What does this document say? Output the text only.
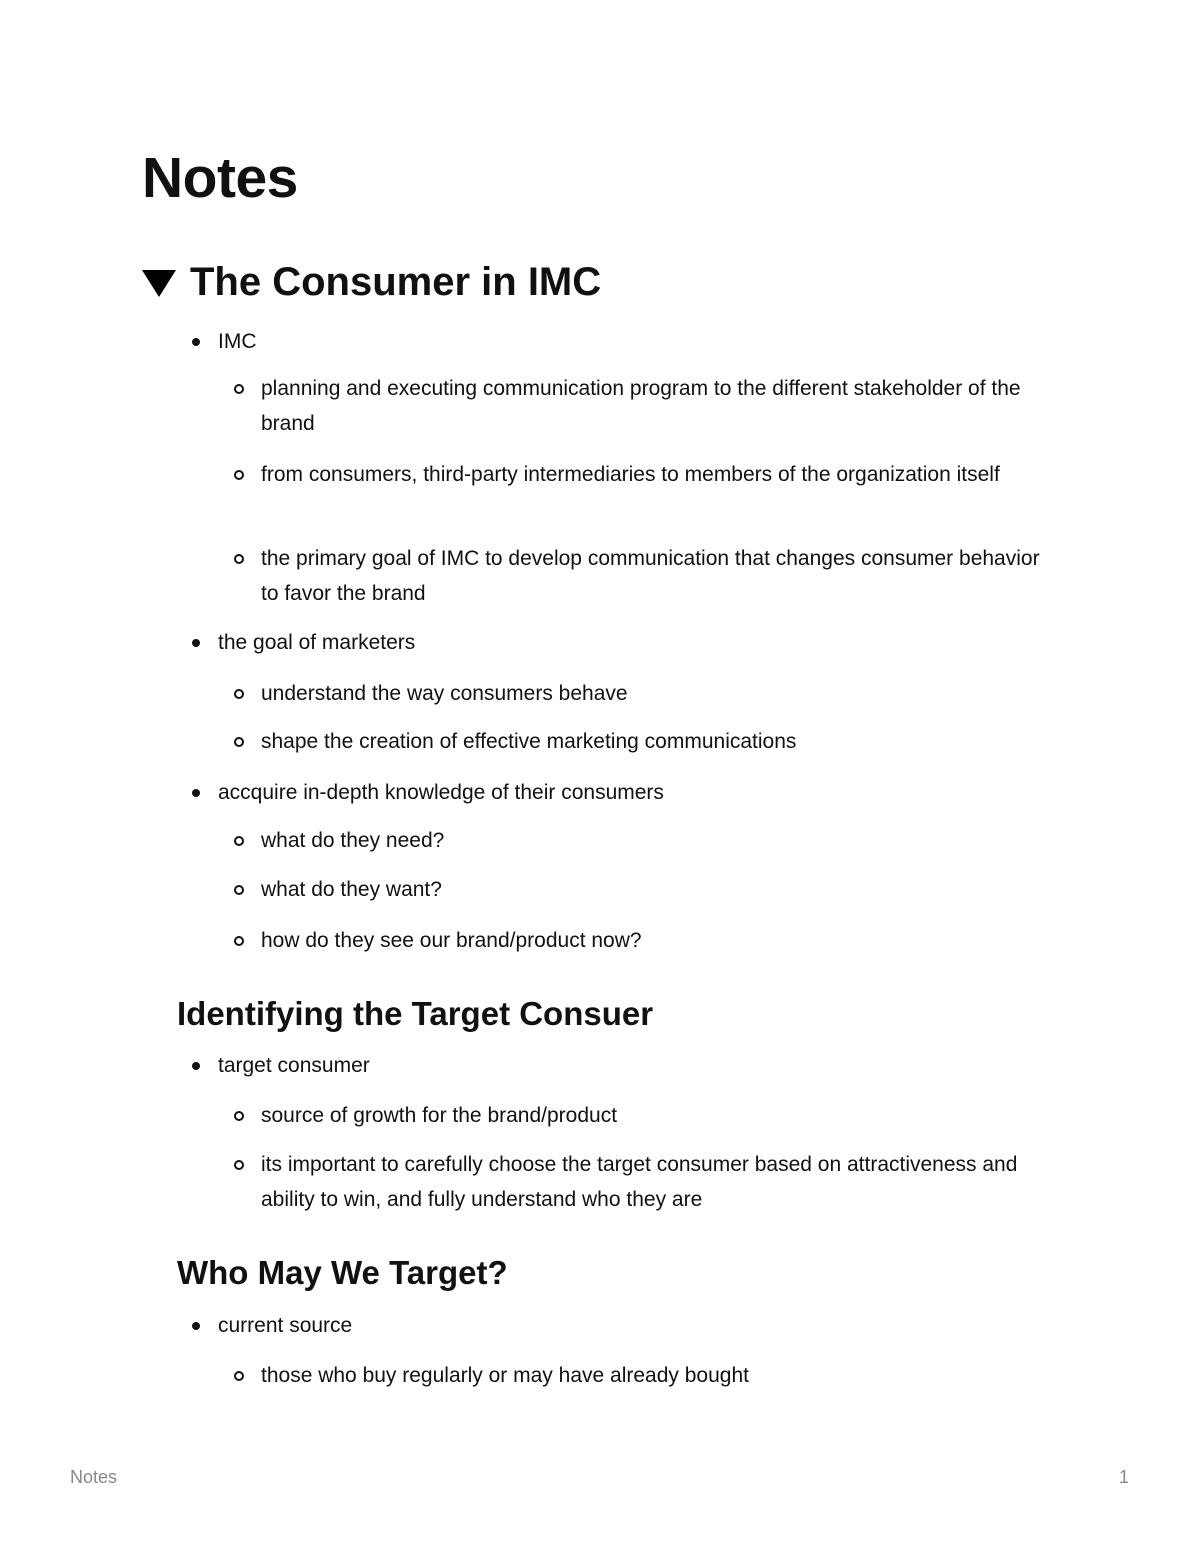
Notes
The Consumer in IMC
IMC
planning and executing communication program to the different stakeholder of the brand
from consumers, third-party intermediaries to members of the organization itself
the primary goal of IMC to develop communication that changes consumer behavior to favor the brand
the goal of marketers
understand the way consumers behave
shape the creation of effective marketing communications
accquire in-depth knowledge of their consumers
what do they need?
what do they want?
how do they see our brand/product now?
Identifying the Target Consuer
target consumer
source of growth for the brand/product
its important to carefully choose the target consumer based on attractiveness and ability to win, and fully understand who they are
Who May We Target?
current source
those who buy regularly or may have already bought
Notes	1
